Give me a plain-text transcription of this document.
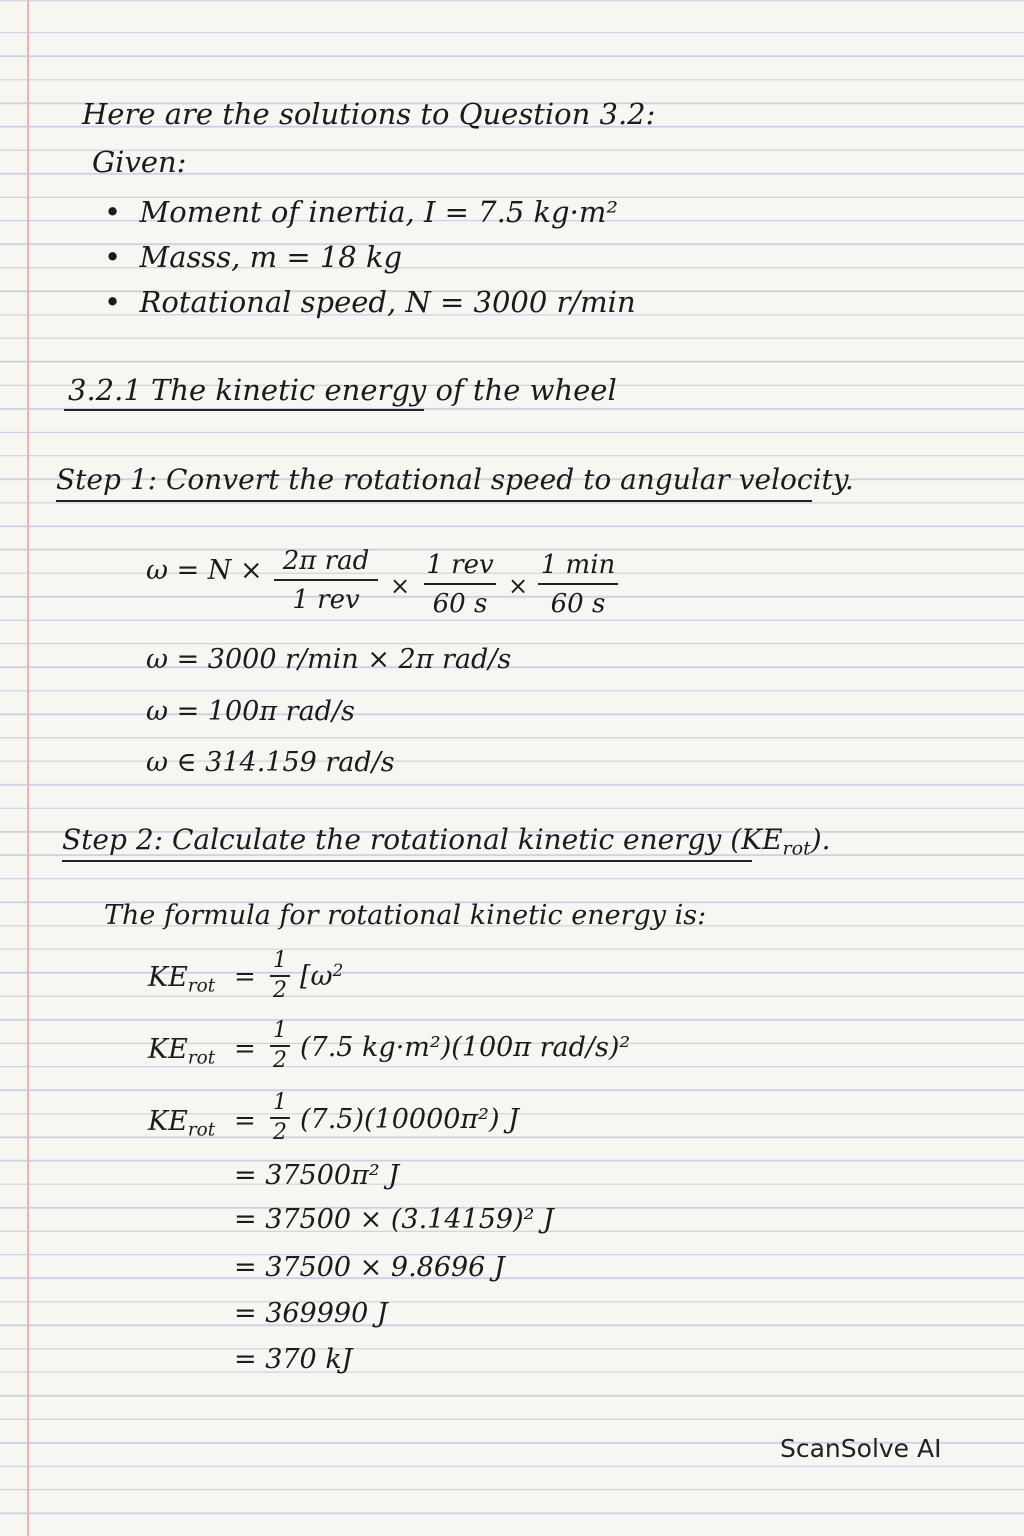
Here are the solutions to Question 3.2:
Given:
•  Moment of inertia, I = 7.5 kg·m²
•  Masss, m = 18 kg
•  Rotational speed, N = 3000 r/min
3.2.1 The kinetic energy of the wheel
Step 1: Convert the rotational speed to angular velocity.
ω = N × 2π rad
1 rev	×
1 rev
60 s
×
1 min
60 s
ω = 3000 r/min × 2π rad/s
ω = 100π rad/s
ω ∈ 314.159 rad/s
Step 2: Calculate the rotational kinetic energy $(KE_{rot})$.
The formula for rotational kinetic energy is:
$KE_{rot}$ =
1
2 [$\omega^2$
$KE_{rot}$ =
1
2 (7.5 kg·m²)(100π rad/s)²
$KE_{rot}$ =
1
2 (7.5)(10000π²) J
= 37500π² J
= 37500 × (3.14159)² J
= 37500 × 9.8696 J
= 369990 J
= 370 kJ
ScanSolve AI
